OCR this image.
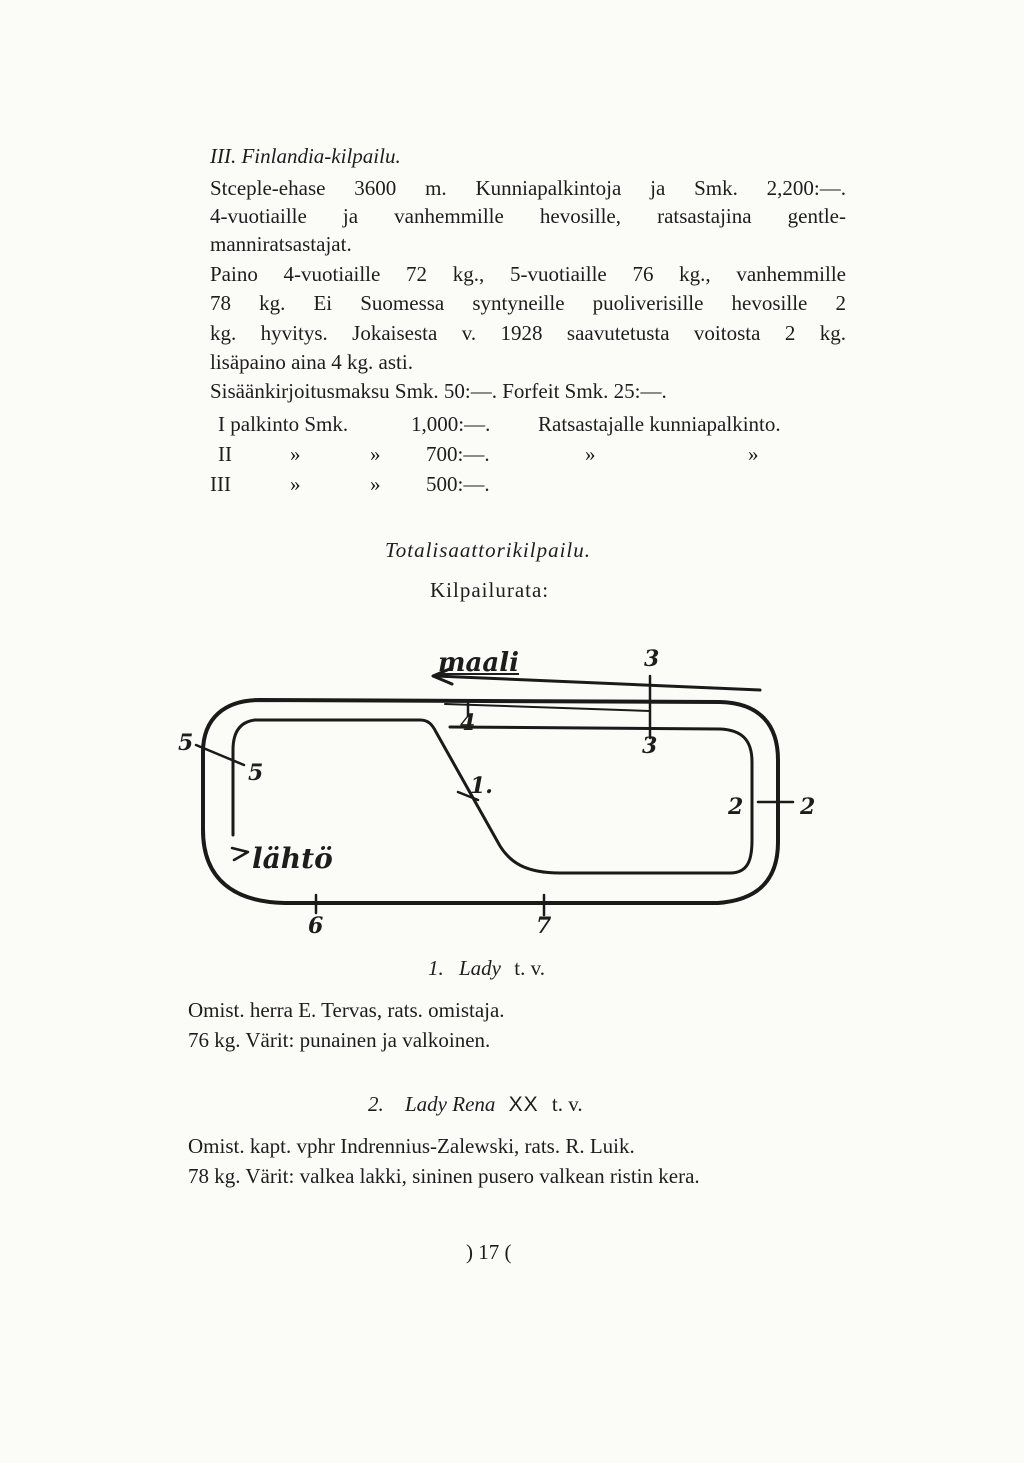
III. Finlandia-kilpailu.
Stceple-ehase 3600 m. Kunniapalkintoja ja Smk. 2,200:—.
4-vuotiaille ja vanhemmille hevosille, ratsastajina gentle-
manniratsastajat.
Paino 4-vuotiaille 72 kg., 5-vuotiaille 76 kg., vanhemmille
78 kg. Ei Suomessa syntyneille puoliverisille hevosille 2
kg. hyvitys. Jokaisesta v. 1928 saavutetusta voitosta 2 kg.
lisäpaino aina 4 kg. asti.
Sisäänkirjoitusmaksu Smk. 50:—. Forfeit Smk. 25:—.
I palkinto Smk.	1,000:—. Ratsastajalle kunniapalkinto.
II	»	» 700:—.	»	»
III	»	» 500:—.
Totalisaattorikilpailu.
Kilpailurata:
maali
lähtö
1.
2	2
3
3
4
5
5
6	7
1. Lady t. v.
Omist. herra E. Tervas, rats. omistaja.
76 kg. Värit: punainen ja valkoinen.
2. Lady Rena XX t. v.
Omist. kapt. vphr Indrennius-Zalewski, rats. R. Luik.
78 kg. Värit: valkea lakki, sininen pusero valkean ristin kera.
) 17 (
